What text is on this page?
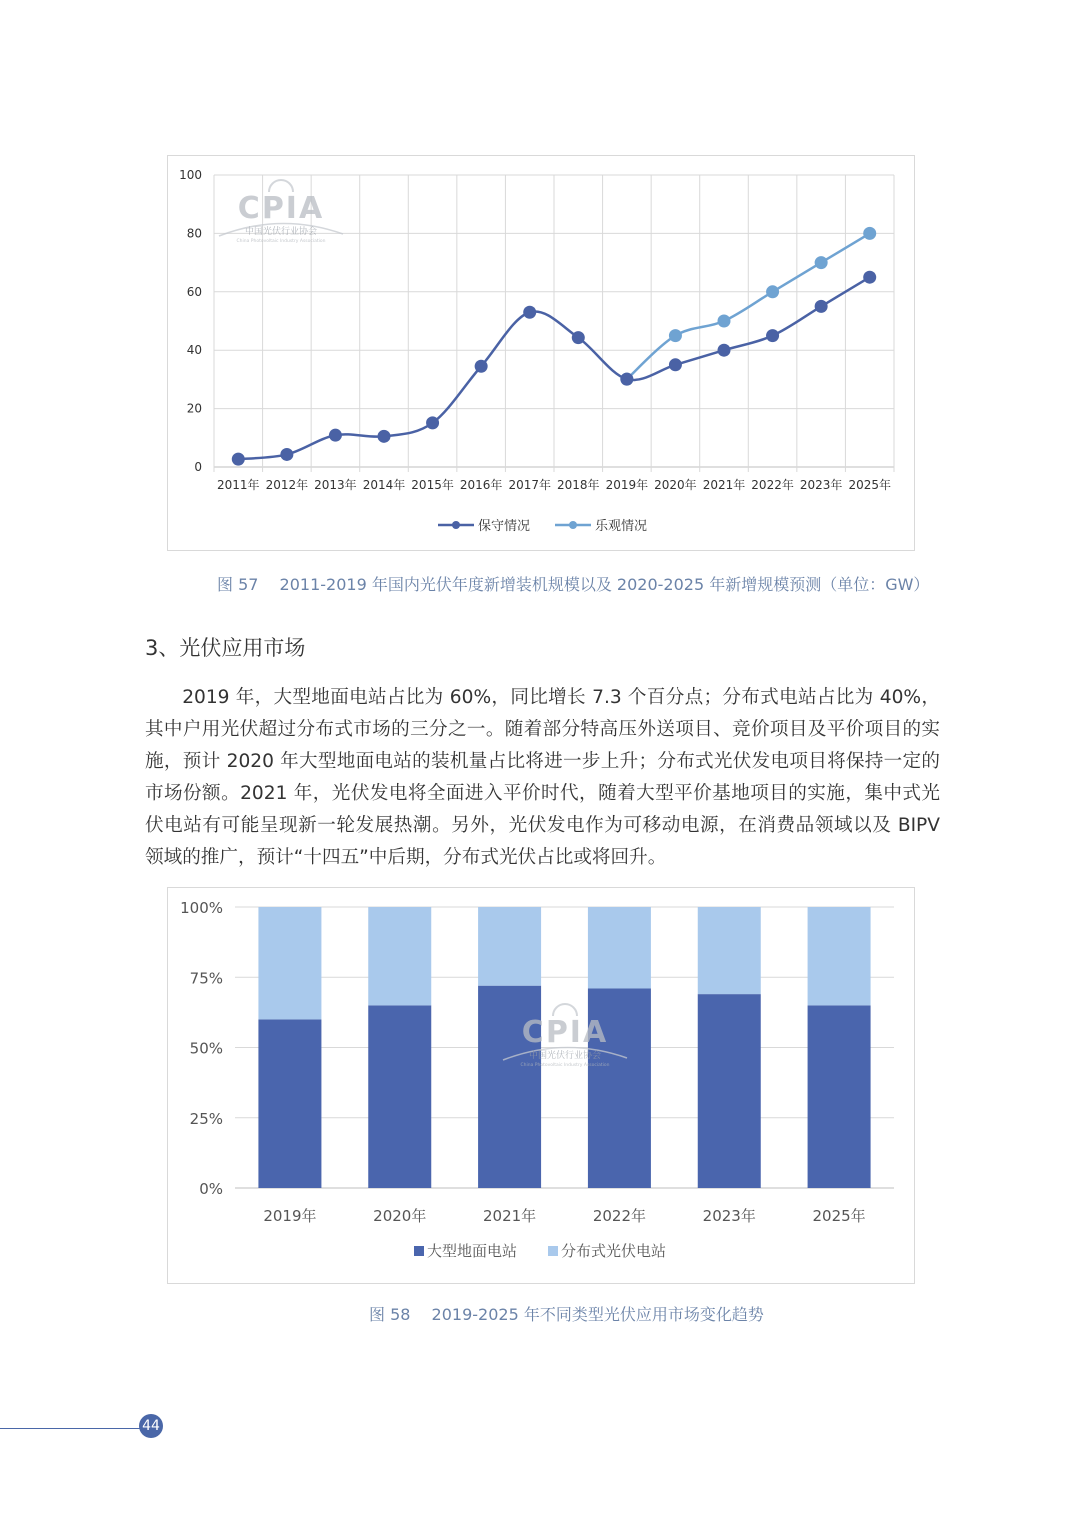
0
20
40
60
80
100
2011年 2012年 2013年 2014年 2015年 2016年 2017年 2018年 2019年 2020年 2021年 2022年 2023年 2025年
CPIA
中国光伏行业协会
China Photovoltaic Industry Association
保守情况	乐观情况
图 57　 2011-2019 年国内光伏年度新增装机规模以及 2020-2025 年新增规模预测（单位：GW）
3、光伏应用市场

2019 年，大型地面电站占比为 60%，同比增长 7.3 个百分点；分布式电站占比为 40%，其中户用光伏超过分布式市场的三分之一。随着部分特高压外送项目、竞价项目及平价项目的实施，预计 2020 年大型地面电站的装机量占比将进一步上升；分布式光伏发电项目将保持一定的市场份额。2021 年，光伏发电将全面进入平价时代，随着大型平价基地项目的实施，集中式光伏电站有可能呈现新一轮发展热潮。另外，光伏发电作为可移动电源，在消费品领域以及 BIPV 领域的推广，预计“十四五”中后期，分布式光伏占比或将回升。

0%
25%
50%
75%
100%
2019年	2020年	2021年	2022年	2023年	2025年
CPIA
中国光伏行业协会
China Photovoltaic Industry Association
大型地面电站	分布式光伏电站
图 58　 2019-2025 年不同类型光伏应用市场变化趋势
44
